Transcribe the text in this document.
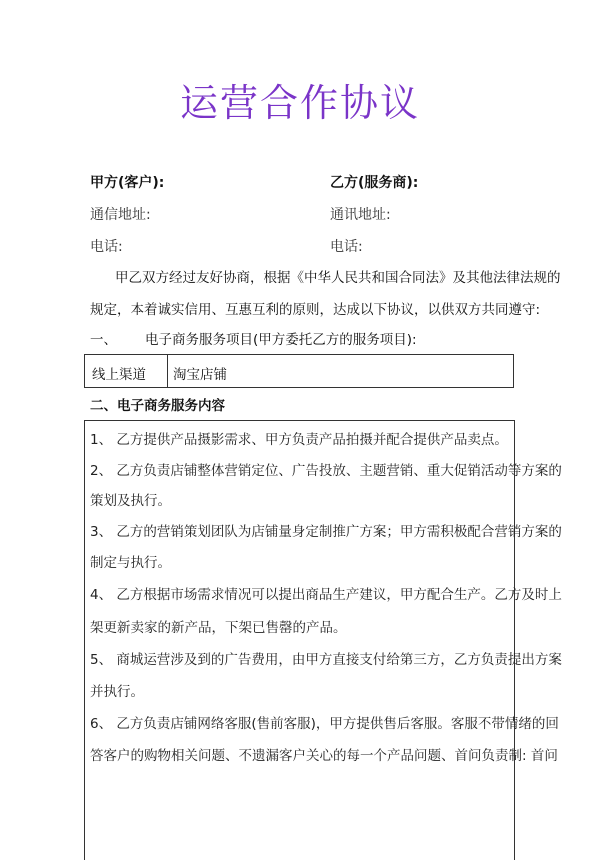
运营合作协议
甲方(客户):	乙方(服务商):
通信地址:	通讯地址:
电话:	电话:
甲乙双方经过友好协商，根据《中华人民共和国合同法》及其他法律法规的
规定，本着诚实信用、互惠互利的原则，达成以下协议，以供双方共同遵守:
一、 电子商务服务项目(甲方委托乙方的服务项目):
线上渠道	淘宝店铺
二、电子商务服务内容
1、 乙方提供产品摄影需求、甲方负责产品拍摄并配合提供产品卖点。
2、 乙方负责店铺整体营销定位、广告投放、主题营销、重大促销活动等方案的
策划及执行。
3、 乙方的营销策划团队为店铺量身定制推广方案；甲方需积极配合营销方案的
制定与执行。
4、 乙方根据市场需求情况可以提出商品生产建议，甲方配合生产。乙方及时上
架更新卖家的新产品，下架已售罄的产品。
5、 商城运营涉及到的广告费用，由甲方直接支付给第三方，乙方负责提出方案
并执行。
6、 乙方负责店铺网络客服(售前客服)，甲方提供售后客服。客服不带情绪的回
答客户的购物相关问题、不遗漏客户关心的每一个产品问题、首问负责制: 首问
